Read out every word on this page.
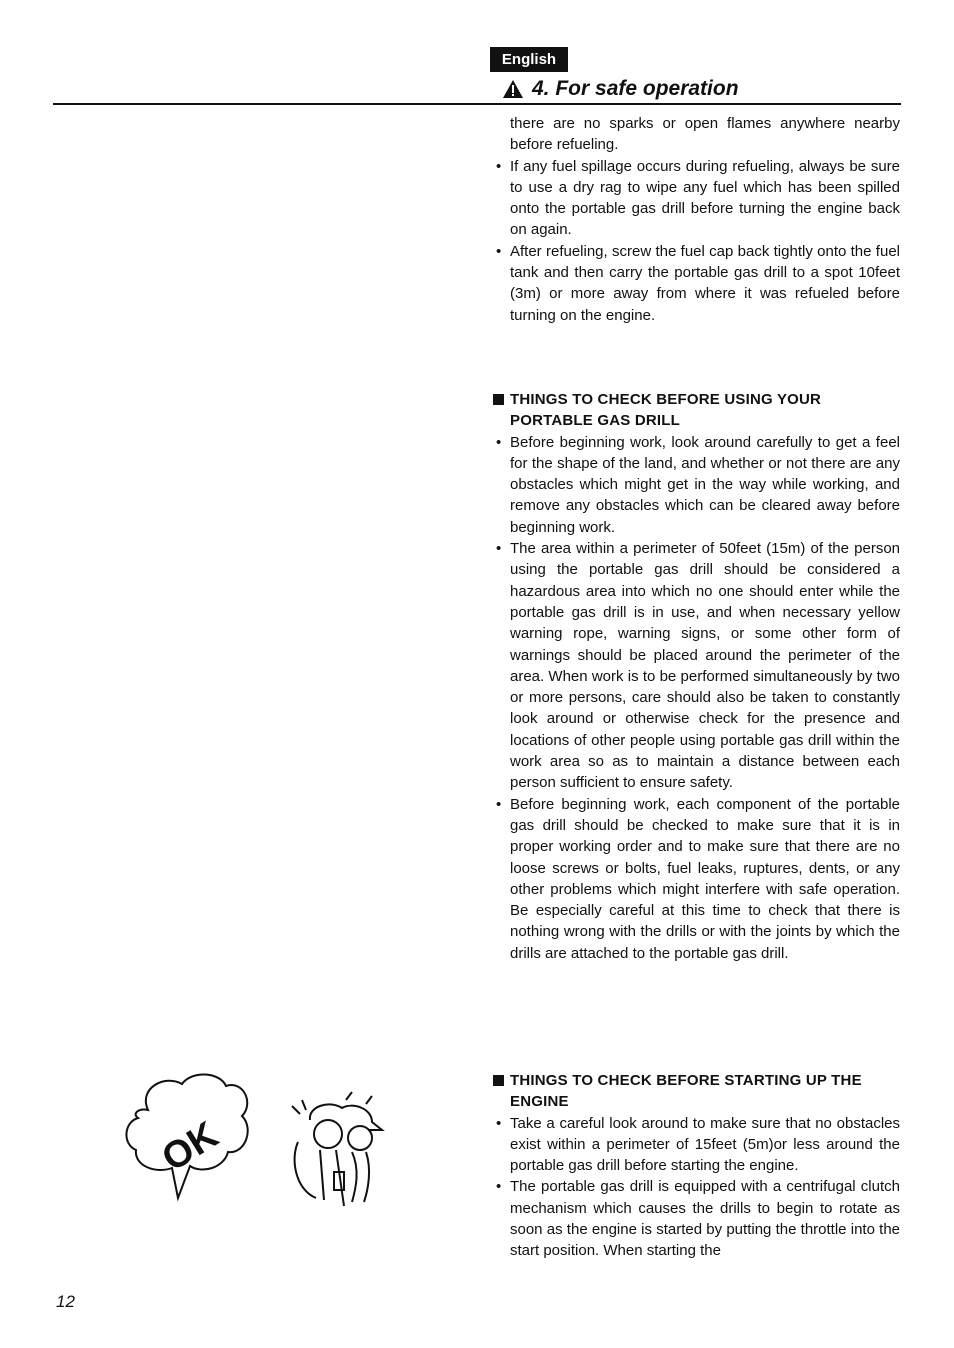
English
4. For safe operation

there are no sparks or open flames anywhere nearby before refueling.

• If any fuel spillage occurs during refueling, always be sure to use a dry rag to wipe any fuel which has been spilled onto the portable gas drill before turning the engine back on again.
• After refueling, screw the fuel cap back tightly onto the fuel tank and then carry the portable gas drill to a spot 10feet (3m) or more away from where it was refueled before turning on the engine.
THINGS TO CHECK BEFORE USING YOUR PORTABLE GAS DRILL
• Before beginning work, look around carefully to get a feel for the shape of the land, and whether or not there are any obstacles which might get in the way while working, and remove any obstacles which can be cleared away before beginning work.
• The area within a perimeter of 50feet (15m) of the person using the portable gas drill should be considered a hazardous area into which no one should enter while the portable gas drill is in use, and when necessary yellow warning rope, warning signs, or some other form of warnings should be placed around the perimeter of the area. When work is to be performed simultaneously by two or more persons, care should also be taken to constantly look around or otherwise check for the presence and locations of other people using portable gas drill within the work area so as to maintain a distance between each person sufficient to ensure safety.
• Before beginning work, each component of the portable gas drill should be checked to make sure that it is in proper working order and to make sure that there are no loose screws or bolts, fuel leaks, ruptures, dents, or any other problems which might interfere with safe operation. Be especially careful at this time to check that there is nothing wrong with the drills or with the joints by which the drills are attached to the portable gas drill.
THINGS TO CHECK BEFORE STARTING UP THE ENGINE
• Take a careful look around to make sure that no obstacles exist within a perimeter of 15feet (5m)or less around the portable gas drill before starting the engine.
• The portable gas drill is equipped with a centrifugal clutch mechanism which causes the drills to begin to rotate as soon as the engine is started by putting the throttle into the start position. When starting the
OK
12
